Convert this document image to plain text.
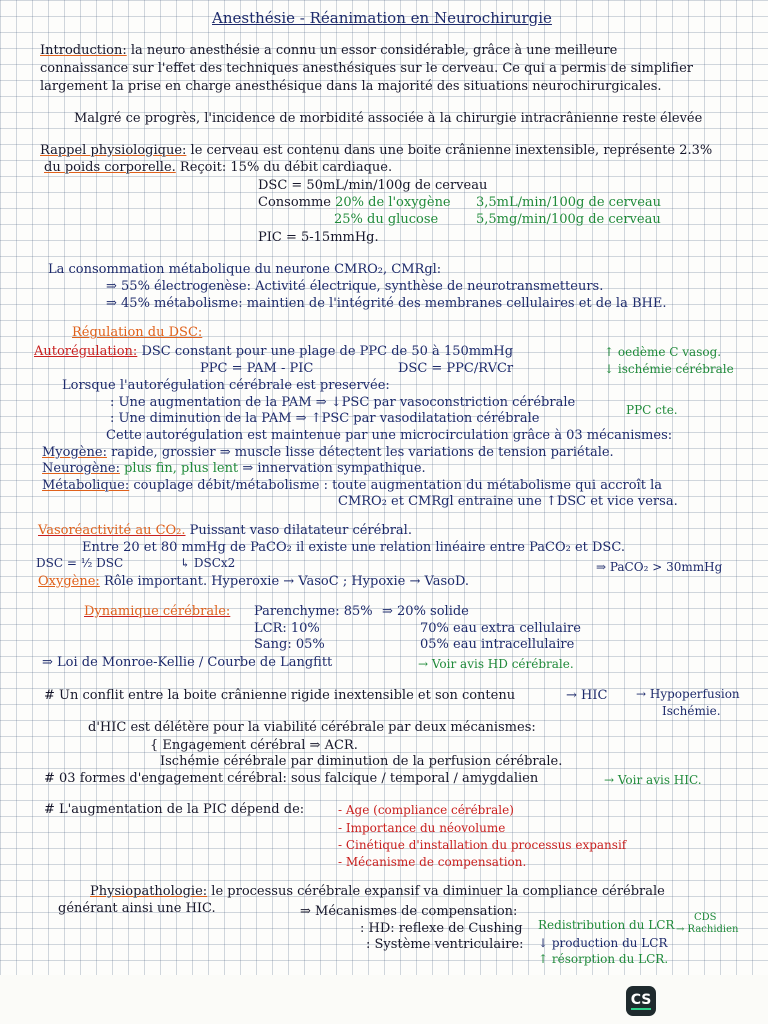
Anesthésie - Réanimation en Neurochirurgie
Introduction: la neuro anesthésie a connu un essor considérable, grâce à une meilleure
connaissance sur l'effet des techniques anesthésiques sur le cerveau. Ce qui a permis de simplifier
largement la prise en charge anesthésique dans la majorité des situations neurochirurgicales.
Malgré ce progrès, l'incidence de morbidité associée à la chirurgie intracrânienne reste élevée
Rappel physiologique: le cerveau est contenu dans une boite crânienne inextensible, représente 2.3%
du poids corporelle. Reçoit: 15% du débit cardiaque.
DSC = 50mL/min/100g de cerveau
Consomme 20% de l'oxygène 3,5mL/min/100g de cerveau
25% du glucose	5,5mg/min/100g de cerveau
PIC = 5-15mmHg.
La consommation métabolique du neurone CMRO₂, CMRgl:
⇒ 55% électrogenèse: Activité électrique, synthèse de neurotransmetteurs.
⇒ 45% métabolisme: maintien de l'intégrité des membranes cellulaires et de la BHE.
Régulation du DSC:
Autorégulation: DSC constant pour une plage de PPC de 50 à 150mmHg	↑ oedème C vasog.
↓ ischémie cérébrale
PPC = PAM - PIC	DSC = PPC/RVCr
Lorsque l'autorégulation cérébrale est preservée:
: Une augmentation de la PAM ⇒ ↓PSC par vasoconstriction cérébrale	PPC cte.
: Une diminution de la PAM ⇒ ↑PSC par vasodilatation cérébrale
Cette autorégulation est maintenue par une microcirculation grâce à 03 mécanismes:
Myogène: rapide, grossier ⇒ muscle lisse détectent les variations de tension pariétale.
Neurogène: plus fin, plus lent ⇒ innervation sympathique.
Métabolique: couplage débit/métabolisme : toute augmentation du métabolisme qui accroît la
CMRO₂ et CMRgl entraine une ↑DSC et vice versa.
Vasoréactivité au CO₂. Puissant vaso dilatateur cérébral.
Entre 20 et 80 mmHg de PaCO₂ il existe une relation linéaire entre PaCO₂ et DSC.
DSC = ½ DSC	↳ DSCx2	⇒ PaCO₂ > 30mmHg
Oxygène: Rôle important. Hyperoxie → VasoC ; Hypoxie → VasoD.
Dynamique cérébrale: Parenchyme: 85% ⇒ 20% solide
LCR: 10%	70% eau extra cellulaire
Sang: 05%	05% eau intracellulaire
⇒ Loi de Monroe-Kellie / Courbe de Langfitt	→ Voir avis HD cérébrale.
# Un conflit entre la boite crânienne rigide inextensible et son contenu	→ HIC → Hypoperfusion
Ischémie.
d'HIC est délétère pour la viabilité cérébrale par deux mécanismes:
{ Engagement cérébral ⇒ ACR.
Ischémie cérébrale par diminution de la perfusion cérébrale.
# 03 formes d'engagement cérébral: sous falcique / temporal / amygdalien	→ Voir avis HIC.
# L'augmentation de la PIC dépend de:	- Age (compliance cérébrale)
- Importance du néovolume
- Cinétique d'installation du processus expansif
- Mécanisme de compensation.
Physiopathologie: le processus cérébrale expansif va diminuer la compliance cérébrale
générant ainsi une HIC.	⇒ Mécanismes de compensation:
: HD: reflexe de Cushing
: Système ventriculaire:
Redistribution du LCR
CDS
→ Rachidien
↓ production du LCR
↑ résorption du LCR.
CS
